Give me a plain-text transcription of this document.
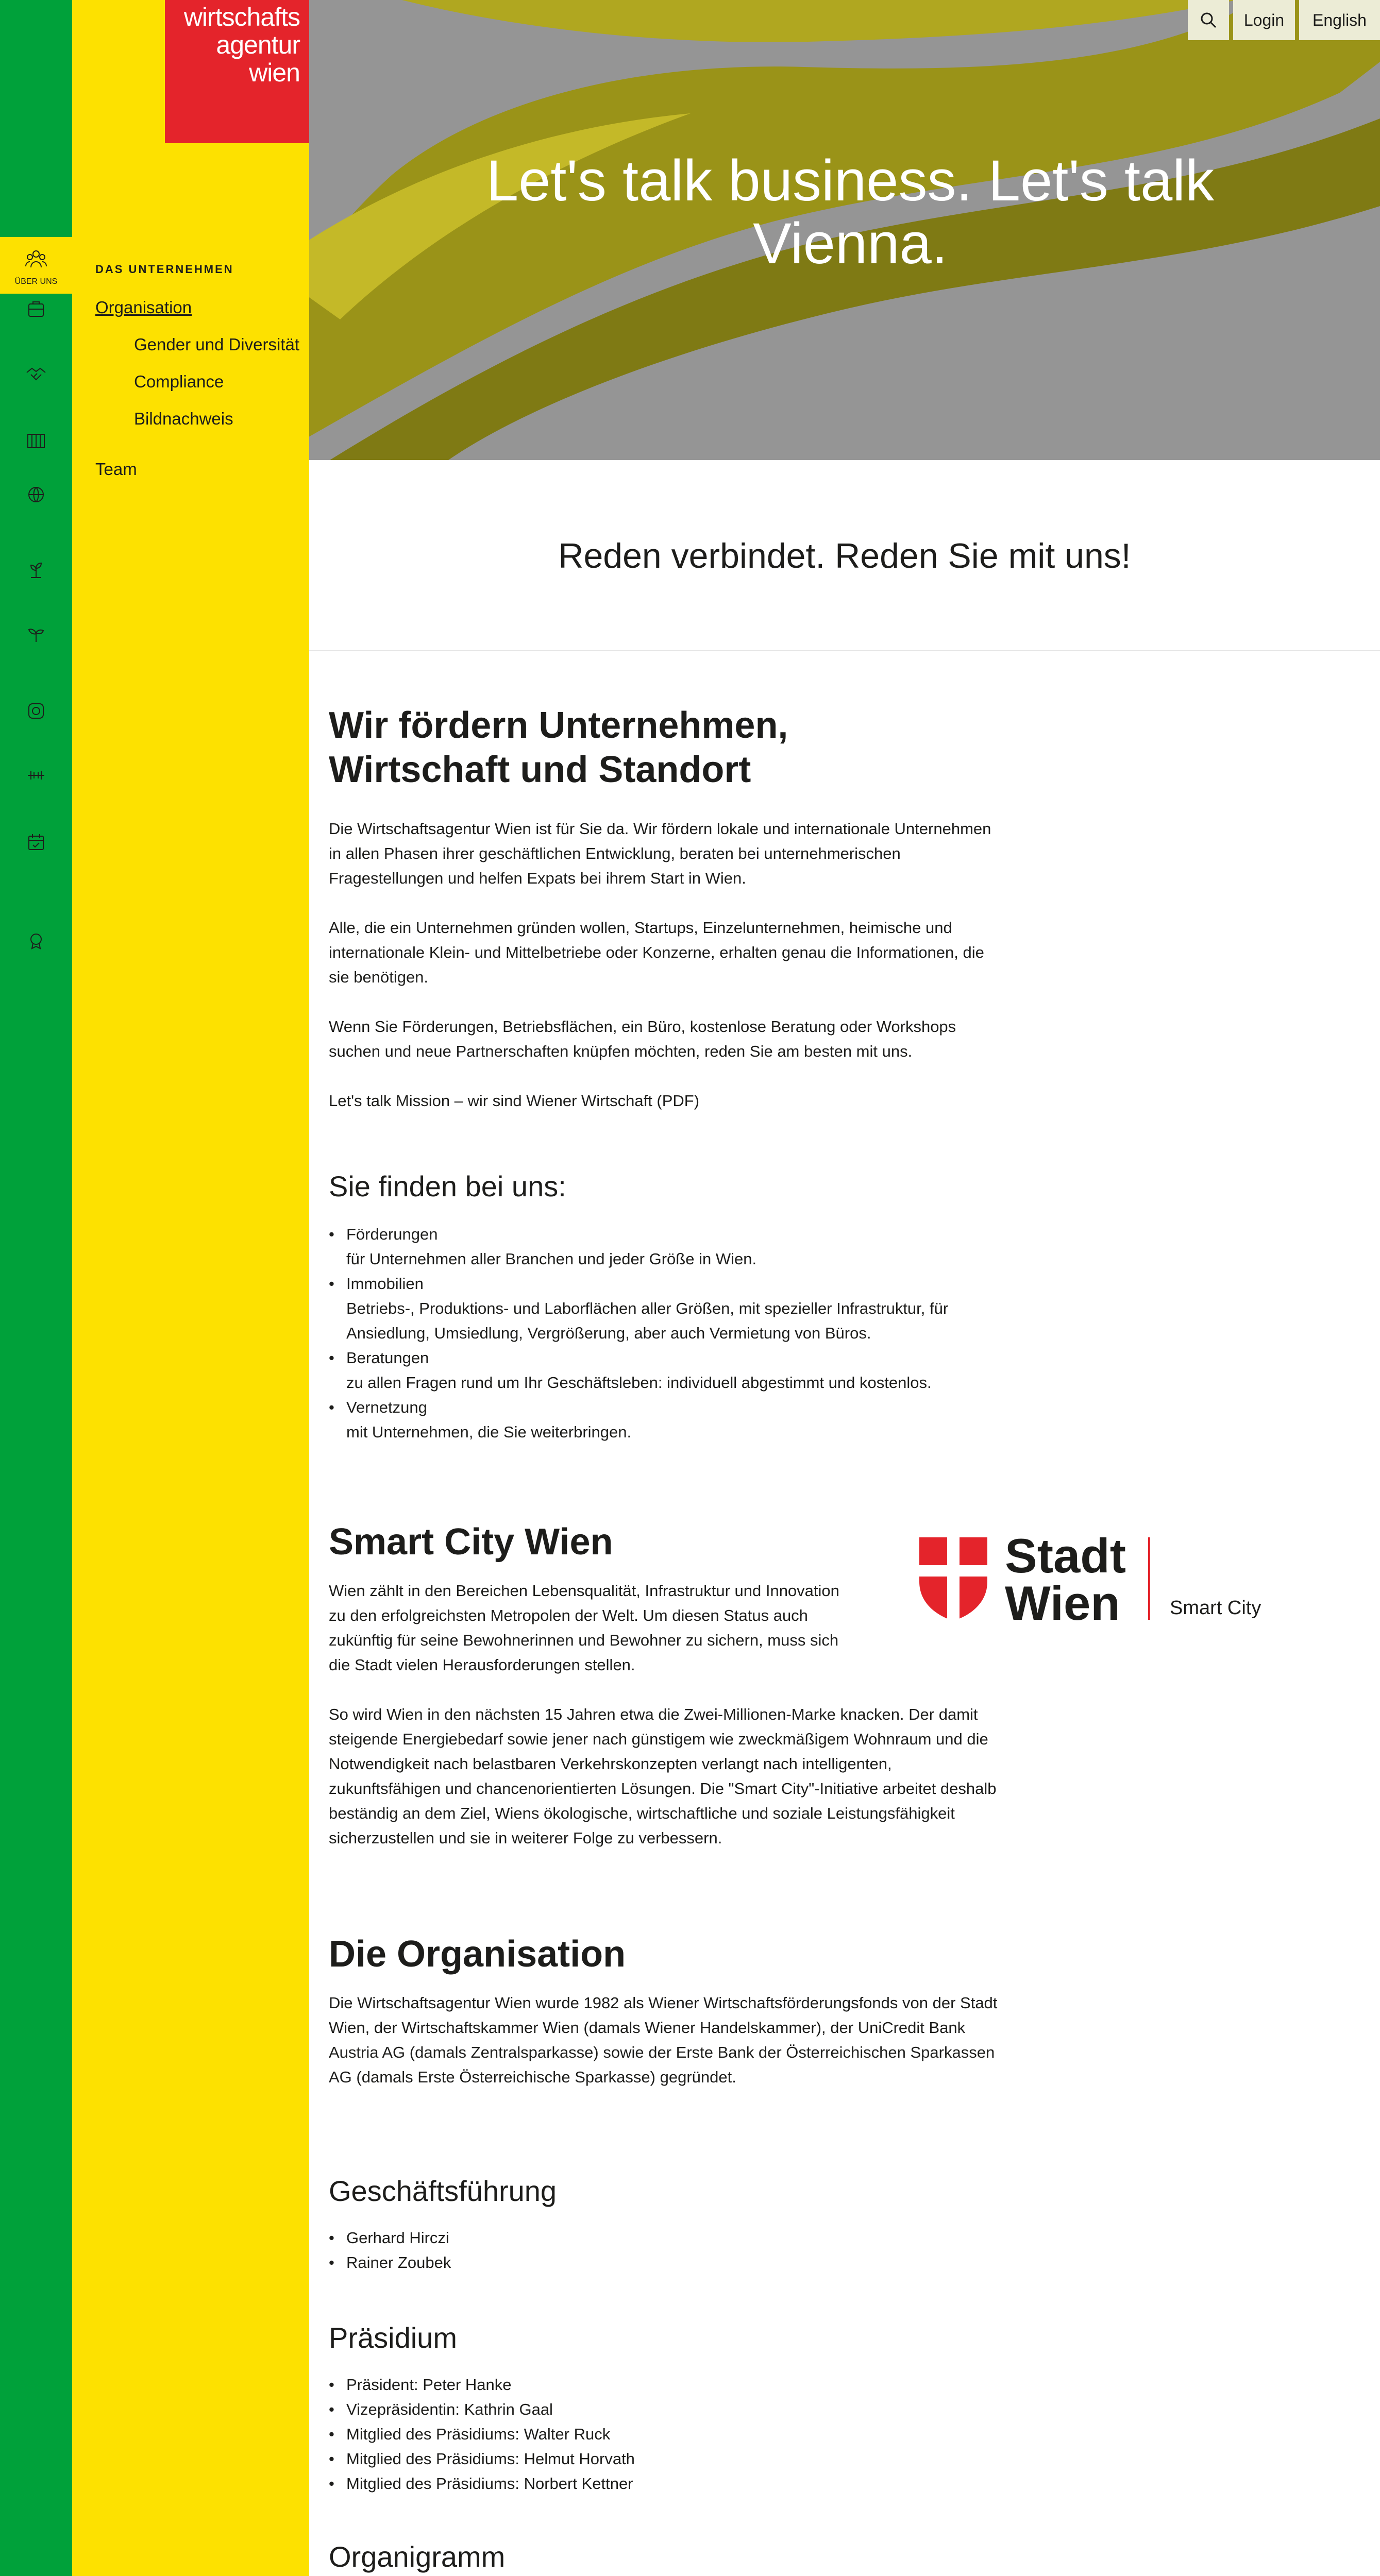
ÜBER UNS
wirtschafts
agentur
wien
DAS UNTERNEHMEN
Organisation
Gender und Diversität
Compliance
Bildnachweis
Team
Let's talk business. Let's talk Vienna.
Login	English
Reden verbindet. Reden Sie mit uns!
Wir fördern Unternehmen, Wirtschaft und Standort

Die Wirtschaftsagentur Wien ist für Sie da. Wir fördern lokale und internationale Unternehmen in allen Phasen ihrer geschäftlichen Entwicklung, beraten bei unternehmerischen Fragestellungen und helfen Expats bei ihrem Start in Wien.

Alle, die ein Unternehmen gründen wollen, Startups, Einzelunternehmen, heimische und internationale Klein- und Mittelbetriebe oder Konzerne, erhalten genau die Informationen, die sie benötigen.

Wenn Sie Förderungen, Betriebsflächen, ein Büro, kostenlose Beratung oder Workshops suchen und neue Partnerschaften knüpfen möchten, reden Sie am besten mit uns.

Let's talk Mission – wir sind Wiener Wirtschaft (PDF)

Sie finden bei uns:
• Förderungen
für Unternehmen aller Branchen und jeder Größe in Wien.
• Immobilien
Betriebs-, Produktions- und Laborflächen aller Größen, mit spezieller Infrastruktur, für Ansiedlung, Umsiedlung, Vergrößerung, aber auch Vermietung von Büros.
• Beratungen
zu allen Fragen rund um Ihr Geschäftsleben: individuell abgestimmt und kostenlos.
• Vernetzung
mit Unternehmen, die Sie weiterbringen.
Smart City Wien

Wien zählt in den Bereichen Lebensqualität, Infrastruktur und Innovation zu den erfolgreichsten Metropolen der Welt. Um diesen Status auch zukünftig für seine Bewohnerinnen und Bewohner zu sichern, muss sich die Stadt vielen Herausforderungen stellen.

So wird Wien in den nächsten 15 Jahren etwa die Zwei-Millionen-Marke knacken. Der damit steigende Energiebedarf sowie jener nach günstigem wie zweckmäßigem Wohnraum und die Notwendigkeit nach belastbaren Verkehrskonzepten verlangt nach intelligenten, zukunftsfähigen und chancenorientierten Lösungen. Die "Smart City"-Initiative arbeitet deshalb beständig an dem Ziel, Wiens ökologische, wirtschaftliche und soziale Leistungsfähigkeit sicherzustellen und sie in weiterer Folge zu verbessern.

Stadt
Wien	Smart City
Die Organisation

Die Wirtschaftsagentur Wien wurde 1982 als Wiener Wirtschaftsförderungsfonds von der Stadt Wien, der Wirtschaftskammer Wien (damals Wiener Handelskammer), der UniCredit Bank Austria AG (damals Zentralsparkasse) sowie der Erste Bank der Österreichischen Sparkassen AG (damals Erste Österreichische Sparkasse) gegründet.

Geschäftsführung
• Gerhard Hirczi
• Rainer Zoubek
Präsidium
• Präsident: Peter Hanke
• Vizepräsidentin: Kathrin Gaal
• Mitglied des Präsidiums: Walter Ruck
• Mitglied des Präsidiums: Helmut Horvath
• Mitglied des Präsidiums: Norbert Kettner
Organigramm
